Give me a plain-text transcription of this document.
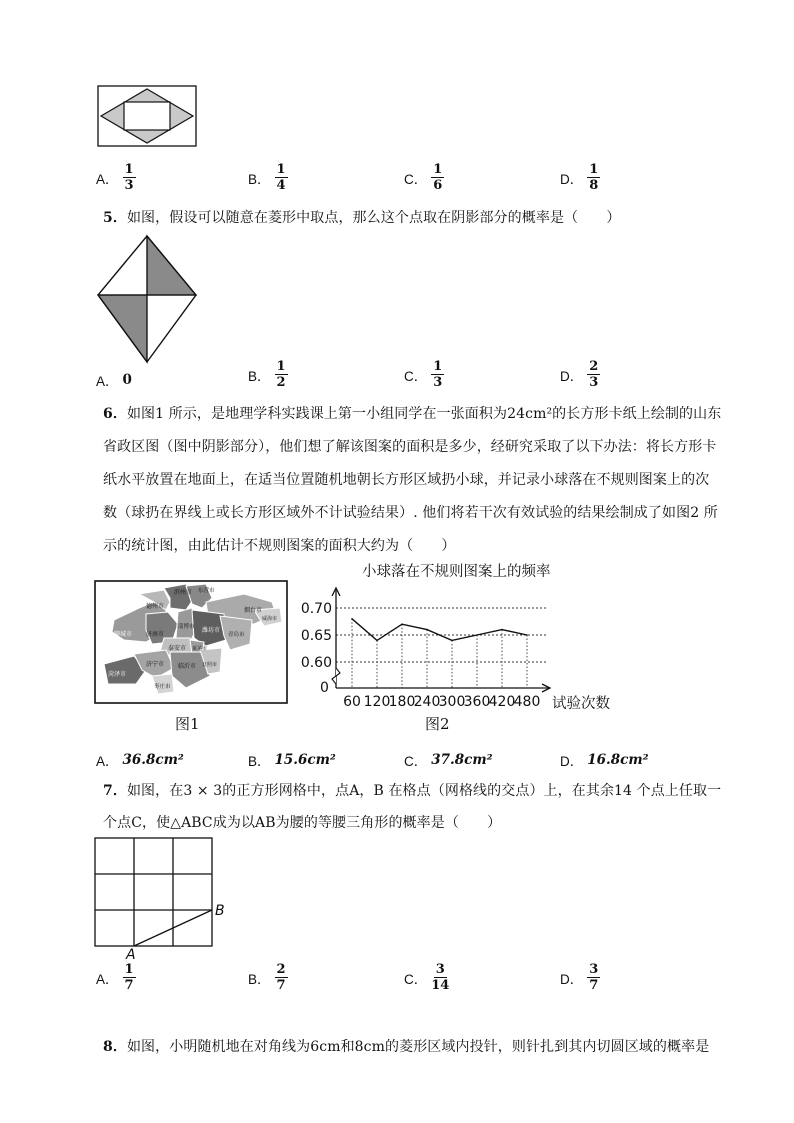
A． $\frac{1}{3}$	B． $\frac{1}{4}$	C． $\frac{1}{6}$	D． $\frac{1}{8}$
5．如图，假设可以随意在菱形中取点，那么这个点取在阴影部分的概率是（　　）
A． 0	B． $\frac{1}{2}$	C． $\frac{1}{3}$	D． $\frac{2}{3}$
6．如图1 所示，是地理学科实践课上第一小组同学在一张面积为24cm²的长方形卡纸上绘制的山东
省政区图（图中阴影部分），他们想了解该图案的面积是多少，经研究采取了以下办法：将长方形卡
纸水平放置在地面上，在适当位置随机地朝长方形区域扔小球，并记录小球落在不规则图案上的次
数（球扔在界线上或长方形区域外不计试验结果）. 他们将若干次有效试验的结果绘制成了如图2 所
示的统计图，由此估计不规则图案的面积大约为（　　）
德州市
滨州市 东营市
烟台市
威海市
聊城市 济南市
淄博市 潍坊市
青岛市
泰安市 莱芜市
济宁市 临沂市 日照市
菏泽市
枣庄市
图1
小球落在不规则图案上的频率
0.70
0.65
0.60
0
60 120
180
240
300
360
420
480 试验次数
图2
A． 36.8cm²	B． 15.6cm²	C． 37.8cm²	D． 16.8cm²
7．如图，在3 × 3的正方形网格中，点A，B 在格点（网格线的交点）上，在其余14 个点上任取一
个点C，使△ABC成为以AB为腰的等腰三角形的概率是（　　）
A
B
A． $\frac{1}{7}$	B． $\frac{2}{7}$	C． $\frac{3}{14}$	D． $\frac{3}{7}$
8．如图，小明随机地在对角线为6cm和8cm的菱形区域内投针，则针扎到其内切圆区域的概率是
